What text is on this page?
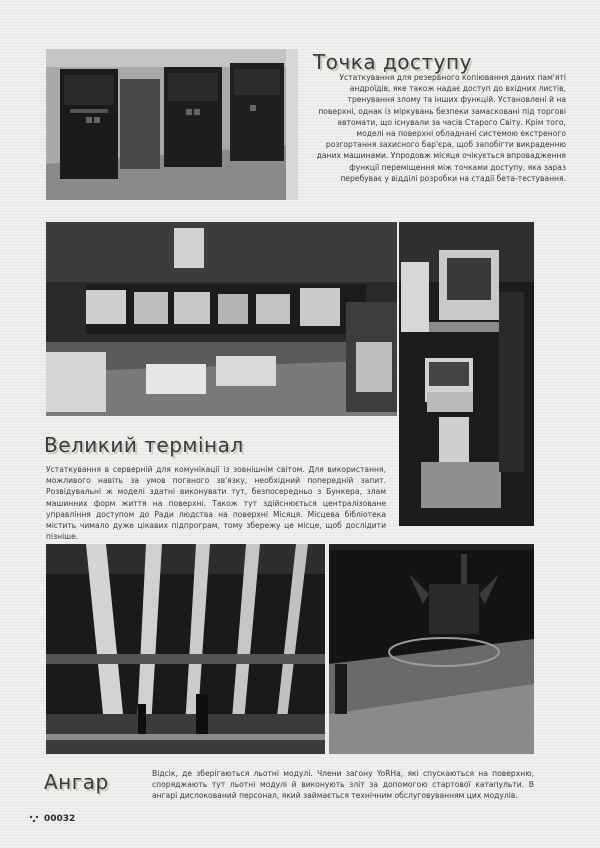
Точка доступу

Устаткування для резервного копіювання даних пам'яті андроїдів, яке також надає доступ до вхідних листів, тренування злому та інших функцій. Установлені й на поверхні, однак із міркувань безпеки замасковані під торгові автомати, що існували за часів Старого Світу. Крім того, моделі на поверхні обладнані системою екстреного розгортання захисного бар'єра, щоб запобігти викраденню даних машинами. Упродовж місяця очікується впровадження функції переміщення між точками доступу, яка зараз перебуває у відділі розробки на стадії бета-тестування.

Великий термінал

Устаткування в серверній для комунікації із зовнішнім світом. Для використання, можливого навіть за умов поганого зв'язку, необхідний попередній запит. Розвідувальні ж моделі здатні виконувати тут, безпосередньо з Бункера, злам машинних форм життя на поверхні. Також тут здійснюється централізоване управління доступом до Ради людства на поверхні Місяця. Місцева бібліотека містить чимало дуже цікавих підпрограм, тому збережу це місце, щоб дослідити пізніше.

Ангар	Відсік, де зберігаються льотні модулі. Члени загону YoRHa, які спускаються на поверхню, споряджають тут льотні модулі й виконують зліт за допомогою стартової катапульти. В ангарі дислокований персонал, який займається технічним обслуговуванням цих модулів.

00032
